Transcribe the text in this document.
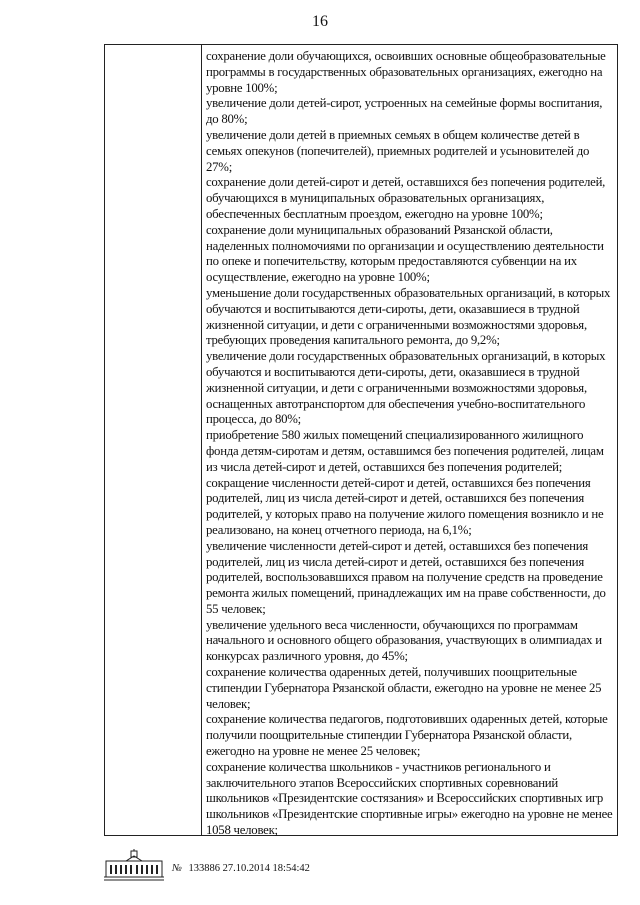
16

сохранение доли обучающихся, освоивших основные общеобразовательные программы в государственных образовательных организациях, ежегодно на уровне 100%;

увеличение доли детей-сирот, устроенных на семейные формы воспитания, до 80%;

увеличение доли детей в приемных семьях в общем количестве детей в семьях опекунов (попечителей), приемных родителей и усыновителей до 27%;

сохранение доли детей-сирот и детей, оставшихся без попечения родителей, обучающихся в муниципальных образовательных организациях, обеспеченных бесплатным проездом, ежегодно на уровне 100%;

сохранение доли муниципальных образований Рязанской области, наделенных полномочиями по организации и осуществлению деятельности по опеке и попечительству, которым предоставляются субвенции на их осуществление, ежегодно на уровне 100%;

уменьшение доли государственных образовательных организаций, в которых обучаются и воспитываются дети-сироты, дети, оказавшиеся в трудной жизненной ситуации, и дети с ограниченными возможностями здоровья, требующих проведения капитального ремонта, до 9,2%;

увеличение доли государственных образовательных организаций, в которых обучаются и воспитываются дети-сироты, дети, оказавшиеся в трудной жизненной ситуации, и дети с ограниченными возможностями здоровья, оснащенных автотранспортом для обеспечения учебно-воспитательного процесса, до 80%;

приобретение 580 жилых помещений специализированного жилищного фонда детям-сиротам и детям, оставшимся без попечения родителей, лицам из числа детей-сирот и детей, оставшихся без попечения родителей;

сокращение численности детей-сирот и детей, оставшихся без попечения родителей, лиц из числа детей-сирот и детей, оставшихся без попечения родителей, у которых право на получение жилого помещения возникло и не реализовано, на конец отчетного периода, на 6,1%;

увеличение численности детей-сирот и детей, оставшихся без попечения родителей, лиц из числа детей-сирот и детей, оставшихся без попечения родителей, воспользовавшихся правом на получение средств на проведение ремонта жилых помещений, принадлежащих им на праве собственности, до 55 человек;

увеличение удельного веса численности, обучающихся по программам начального и основного общего образования, участвующих в олимпиадах и конкурсах различного уровня, до 45%;

сохранение количества одаренных детей, получивших поощрительные стипендии Губернатора Рязанской области, ежегодно на уровне не менее 25 человек;

сохранение количества педагогов, подготовивших одаренных детей, которые получили поощрительные стипендии Губернатора Рязанской области, ежегодно на уровне не менее 25 человек;

сохранение количества школьников - участников регионального и заключительного этапов Всероссийских спортивных соревнований школьников «Президентские состязания» и Всероссийских спортивных игр школьников «Президентские спортивные игры» ежегодно на уровне не менее 1058 человек;

№ 133886 27.10.2014 18:54:42
